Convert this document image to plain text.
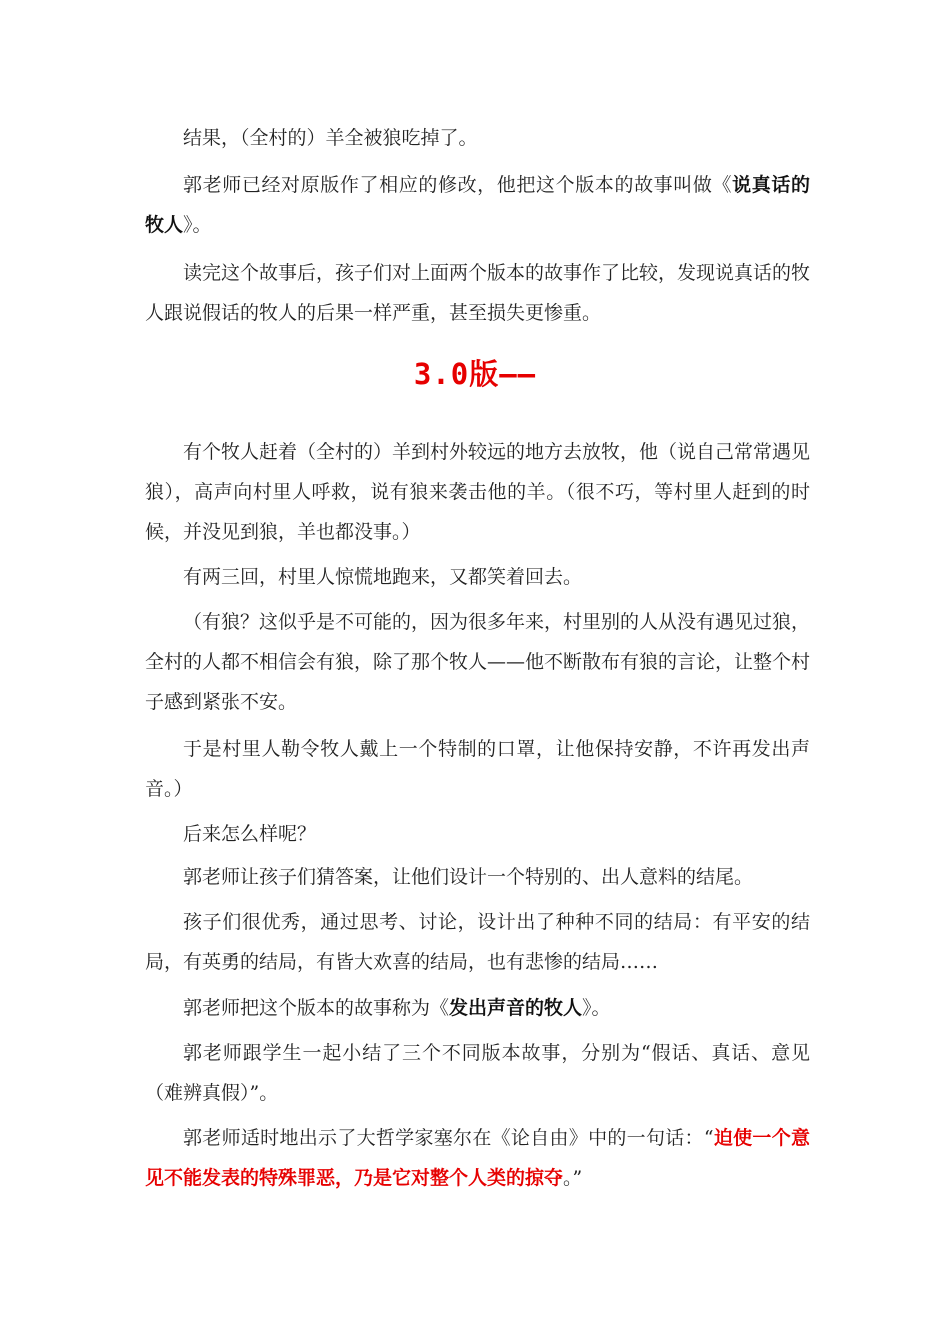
结果，（全村的）羊全被狼吃掉了。

郭老师已经对原版作了相应的修改，他把这个版本的故事叫做《说真话的牧人》。

读完这个故事后，孩子们对上面两个版本的故事作了比较，发现说真话的牧人跟说假话的牧人的后果一样严重，甚至损失更惨重。

3.0版——

有个牧人赶着（全村的）羊到村外较远的地方去放牧，他（说自己常常遇见狼），高声向村里人呼救，说有狼来袭击他的羊。（很不巧，等村里人赶到的时候，并没见到狼，羊也都没事。）

有两三回，村里人惊慌地跑来，又都笑着回去。

（有狼？这似乎是不可能的，因为很多年来，村里别的人从没有遇见过狼，全村的人都不相信会有狼，除了那个牧人——他不断散布有狼的言论，让整个村子感到紧张不安。

于是村里人勒令牧人戴上一个特制的口罩，让他保持安静，不许再发出声音。）

后来怎么样呢？

郭老师让孩子们猜答案，让他们设计一个特别的、出人意料的结尾。

孩子们很优秀，通过思考、讨论，设计出了种种不同的结局：有平安的结局，有英勇的结局，有皆大欢喜的结局，也有悲惨的结局……

郭老师把这个版本的故事称为《发出声音的牧人》。

郭老师跟学生一起小结了三个不同版本故事，分别为“假话、真话、意见（难辨真假）”。

郭老师适时地出示了大哲学家塞尔在《论自由》中的一句话：“迫使一个意见不能发表的特殊罪恶，乃是它对整个人类的掠夺。”
